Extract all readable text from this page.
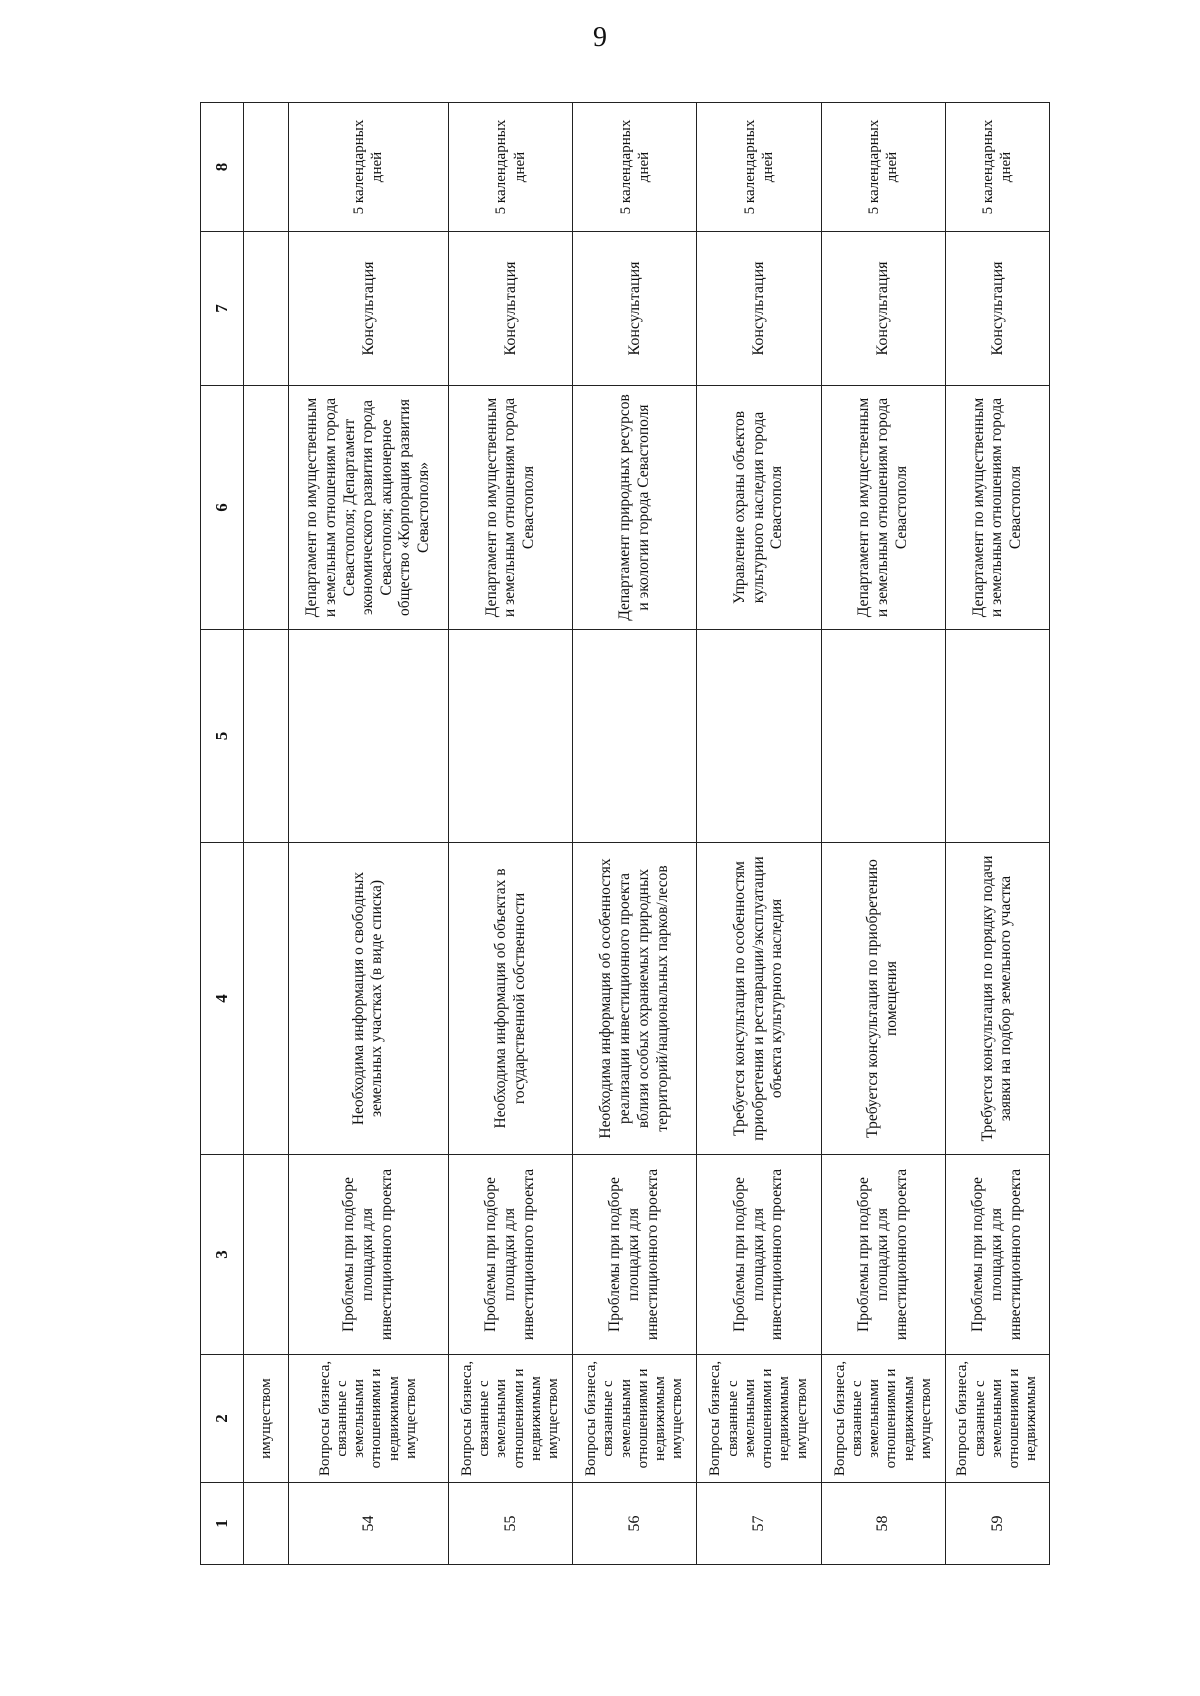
9
1	2	3	4	5	6	7	8
	имуществом						
54	Вопросы бизнеса, связанные с земельными отношениями и недвижимым имуществом	Проблемы при подборе площадки для инвестиционного проекта	Необходима информация о свободных земельных участках (в виде списка)		Департамент по имущественным и земельным отношениям города Севастополя; Департамент экономического развития города Севастополя; акционерное общество «Корпорация развития Севастополя»	Консультация	5 календарных дней
55	Вопросы бизнеса, связанные с земельными отношениями и недвижимым имуществом	Проблемы при подборе площадки для инвестиционного проекта	Необходима информация об объектах в государственной собственности		Департамент по имущественным и земельным отношениям города Севастополя	Консультация	5 календарных дней
56	Вопросы бизнеса, связанные с земельными отношениями и недвижимым имуществом	Проблемы при подборе площадки для инвестиционного проекта	Необходима информация об особенностях реализации инвестиционного проекта вблизи особых охраняемых природных территорий/национальных парков/лесов		Департамент природных ресурсов и экологии города Севастополя	Консультация	5 календарных дней
57	Вопросы бизнеса, связанные с земельными отношениями и недвижимым имуществом	Проблемы при подборе площадки для инвестиционного проекта	Требуется консультация по особенностям приобретения и реставрации/эксплуатации объекта культурного наследия		Управление охраны объектов культурного наследия города Севастополя	Консультация	5 календарных дней
58	Вопросы бизнеса, связанные с земельными отношениями и недвижимым имуществом	Проблемы при подборе площадки для инвестиционного проекта	Требуется консультация по приобретению помещения		Департамент по имущественным и земельным отношениям города Севастополя	Консультация	5 календарных дней
59	Вопросы бизнеса, связанные с земельными отношениями и недвижимым	Проблемы при подборе площадки для инвестиционного проекта	Требуется консультация по порядку подачи заявки на подбор земельного участка		Департамент по имущественным и земельным отношениям города Севастополя	Консультация	5 календарных дней
